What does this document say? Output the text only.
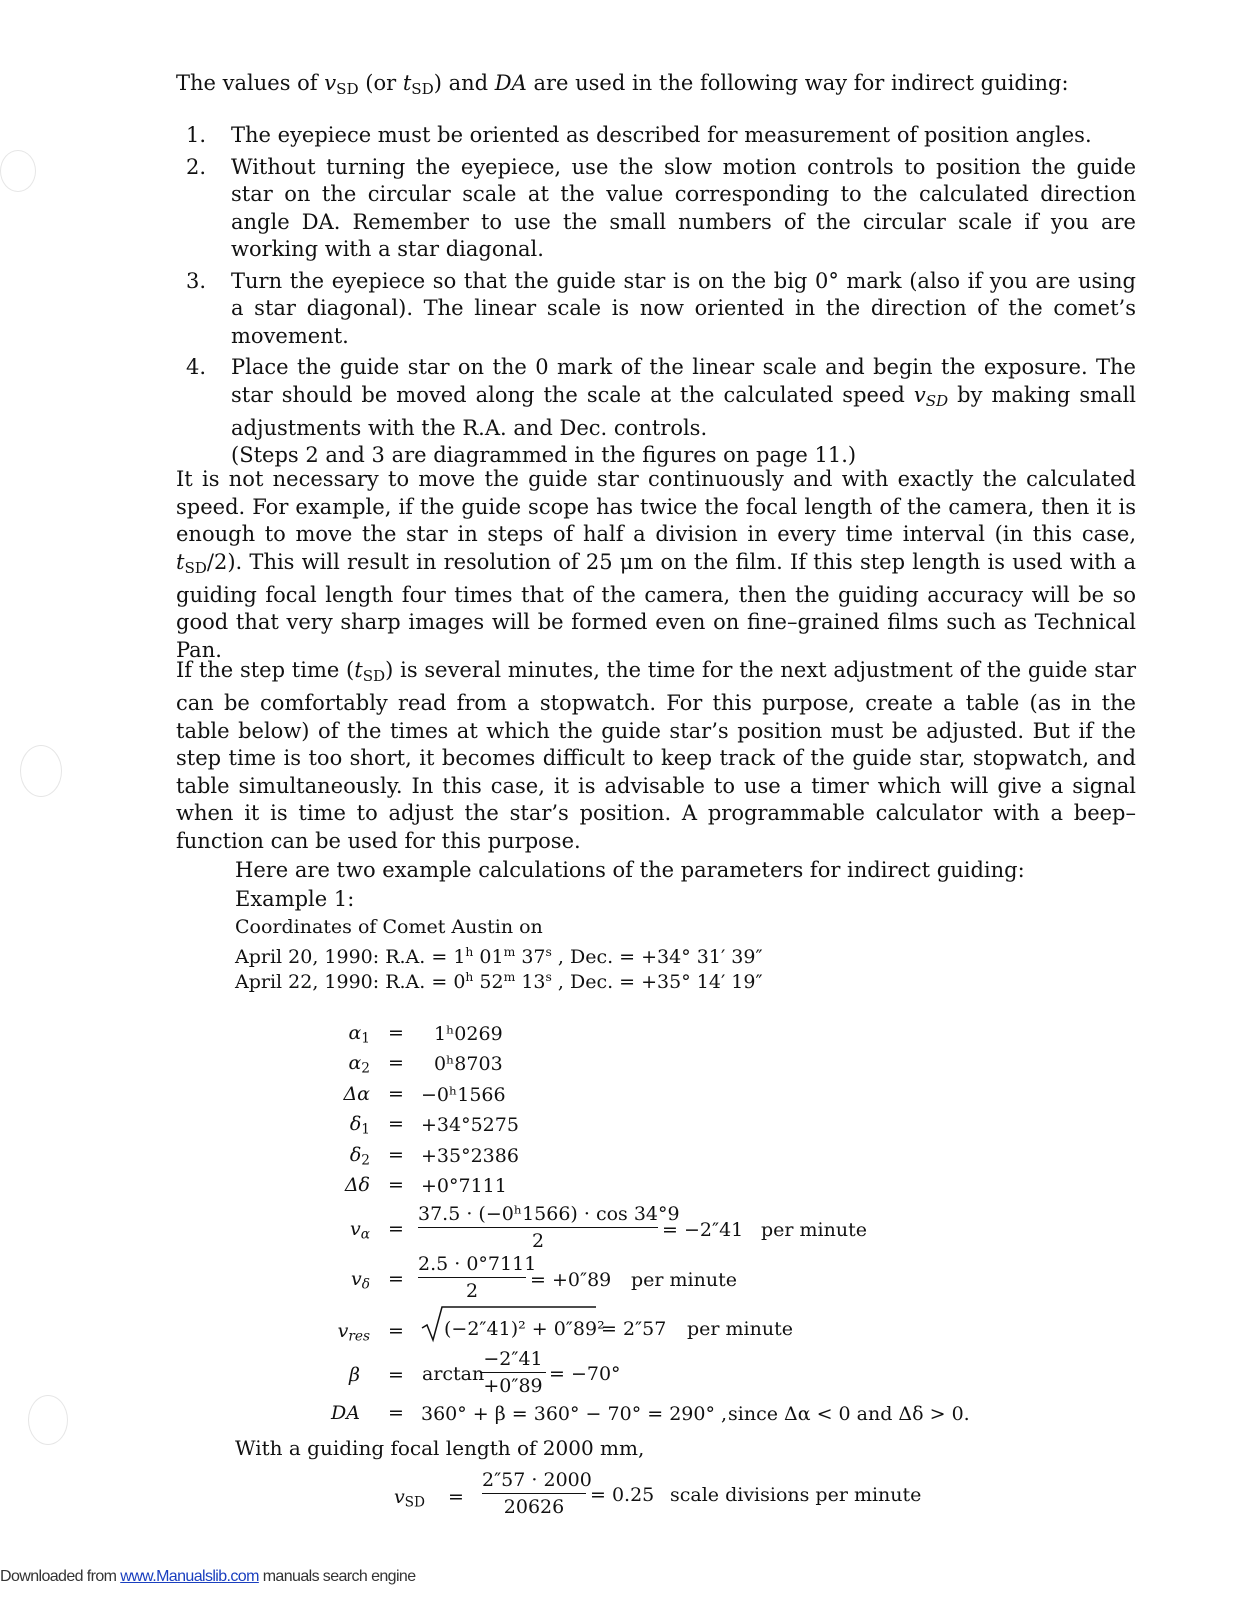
The values of $v_{SD}$ (or $t_{SD}$) and DA are used in the following way for indirect guiding:

1. The eyepiece must be oriented as described for measurement of position angles.
2. Without turning the eyepiece, use the slow motion controls to position the guide star on the circular scale at the value corresponding to the calculated direction angle DA. Remember to use the small numbers of the circular scale if you are working with a star diagonal.
3. Turn the eyepiece so that the guide star is on the big 0° mark (also if you are using a star diagonal). The linear scale is now oriented in the direction of the comet’s movement.
4. Place the guide star on the 0 mark of the linear scale and begin the exposure. The star should be moved along the scale at the calculated speed $v_{SD}$ by making small adjustments with the R.A. and Dec. controls.
(Steps 2 and 3 are diagrammed in the figures on page 11.)

It is not necessary to move the guide star continuously and with exactly the calculated speed. For example, if the guide scope has twice the focal length of the camera, then it is enough to move the star in steps of half a division in every time interval (in this case, $t_{SD}/2$). This will result in resolution of 25 μm on the film. If this step length is used with a guiding focal length four times that of the camera, then the guiding accuracy will be so good that very sharp images will be formed even on fine–grained films such as Technical Pan.

If the step time $(t_{SD})$ is several minutes, the time for the next adjustment of the guide star can be comfortably read from a stopwatch. For this purpose, create a table (as in the table below) of the times at which the guide star’s position must be adjusted. But if the step time is too short, it becomes difficult to keep track of the guide star, stopwatch, and table simultaneously. In this case, it is advisable to use a timer which will give a signal when it is time to adjust the star’s position. A programmable calculator with a beep–function can be used for this purpose.

Here are two example calculations of the parameters for indirect guiding:
Example 1:
Coordinates of Comet Austin on
April 20, 1990: R.A. = $1^h$ 01$^m$ 37$^s$ , Dec. = +34° 31′ 39″
April 22, 1990: R.A. = $0^h$ 52$^m$ 13$^s$ , Dec. = +35° 14′ 19″
$\alpha_1$ = 1ʰ0269
$\alpha_2$ = 0ʰ8703
Δα = −0ʰ1566
$\delta_1 = +34^\circ 5275$
$\delta_2 = +35^\circ 2386$
Δδ = +0°7111
$v_\alpha$ =
37.5 · (−0ʰ1566) · cos 34°9
2	= −2″41 per minute
$v_\delta$ =
2.5 · 0°7111
2	= +0″89 per minute
$v_{res} = (-2''41)^2 + 0''89^2$
= 2″57 per minute
β = arctan
−2″41
+0″89
= −70°
DA = 360° + β = 360° − 70° = 290° , since Δα < 0 and Δδ > 0.
With a guiding focal length of 2000 mm,
$v_{SD}$ =
2″57 · 2000
20626
= 0.25 scale divisions per minute
Downloaded from www.Manualslib.com manuals search engine
